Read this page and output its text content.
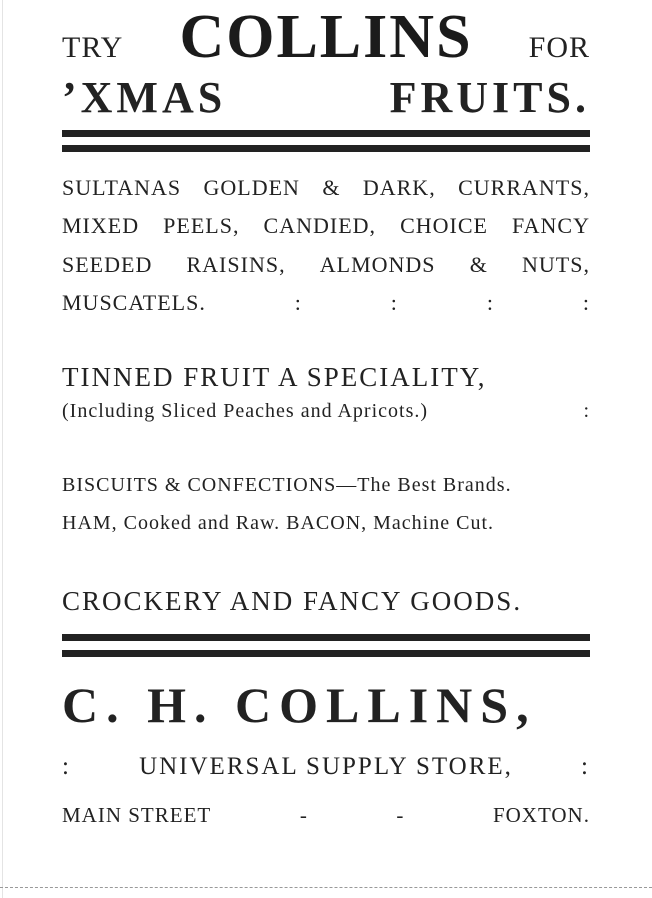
TRY COLLINS FOR
’XMAS	FRUITS.
SULTANAS GOLDEN & DARK, CURRANTS,
MIXED PEELS, CANDIED, CHOICE FANCY
SEEDED RAISINS, ALMONDS & NUTS,
MUSCATELS.	:	:	:	:
TINNED FRUIT A SPECIALITY,
(Including Sliced Peaches and Apricots.)	:
BISCUITS & CONFECTIONS—The Best Brands.
HAM, Cooked and Raw. BACON, Machine Cut.
CROCKERY AND FANCY GOODS.
C. H. COLLINS,
:	UNIVERSAL SUPPLY STORE,	:
MAIN STREET	-	-	FOXTON.
